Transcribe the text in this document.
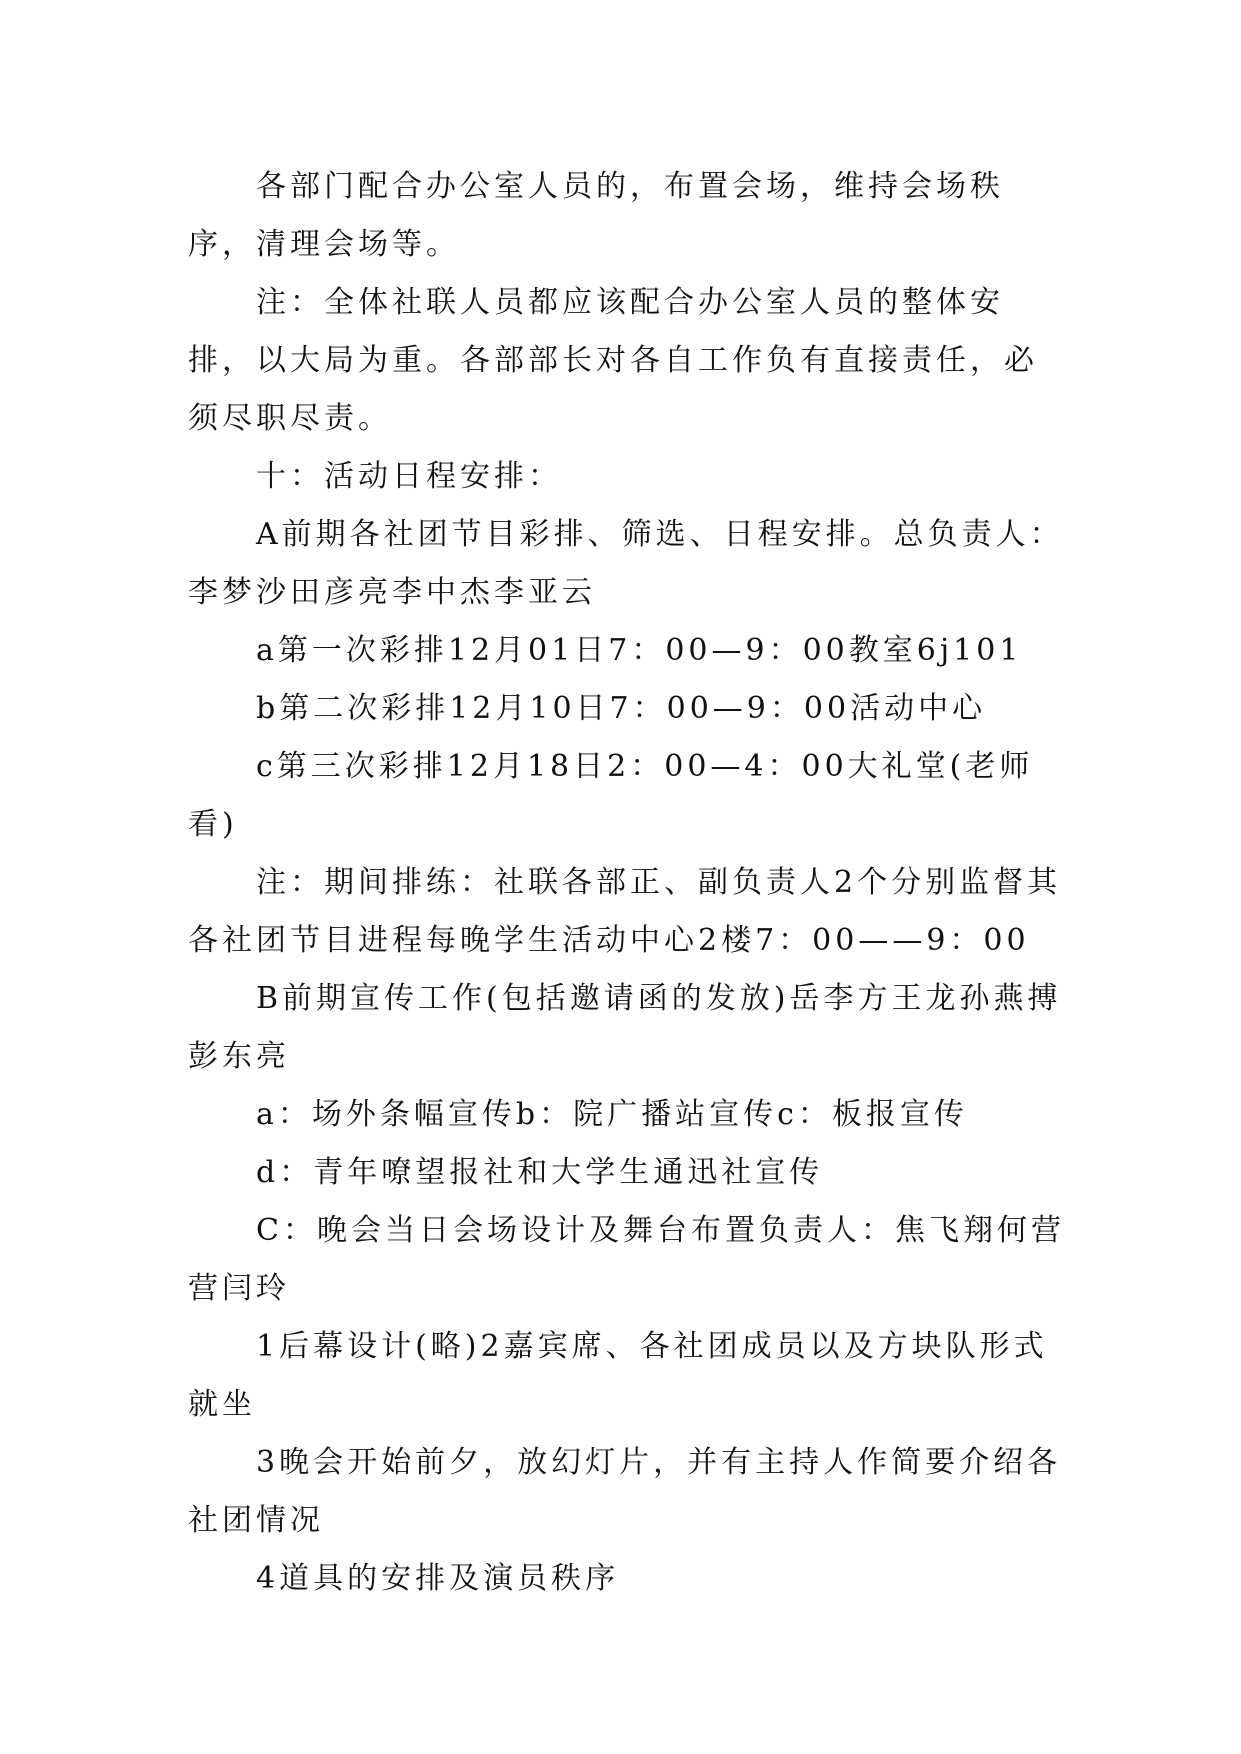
各部门配合办公室人员的，布置会场，维持会场秩序，清理会场等。

注：全体社联人员都应该配合办公室人员的整体安排，以大局为重。各部部长对各自工作负有直接责任，必须尽职尽责。

十：活动日程安排：

A前期各社团节目彩排、筛选、日程安排。总负责人：李梦沙田彦亮李中杰李亚云

a第一次彩排12月01日7：00—9：00教室6j101

b第二次彩排12月10日7：00—9：00活动中心

c第三次彩排12月18日2：00—4：00大礼堂(老师看)

注：期间排练：社联各部正、副负责人2个分别监督其各社团节目进程每晚学生活动中心2楼7：00——9：00

B前期宣传工作(包括邀请函的发放)岳李方王龙孙燕搏彭东亮

a：场外条幅宣传b：院广播站宣传c：板报宣传

d：青年嘹望报社和大学生通迅社宣传

C：晚会当日会场设计及舞台布置负责人：焦飞翔何营营闫玲

1后幕设计(略)2嘉宾席、各社团成员以及方块队形式就坐

3晚会开始前夕，放幻灯片，并有主持人作简要介绍各社团情况

4道具的安排及演员秩序
